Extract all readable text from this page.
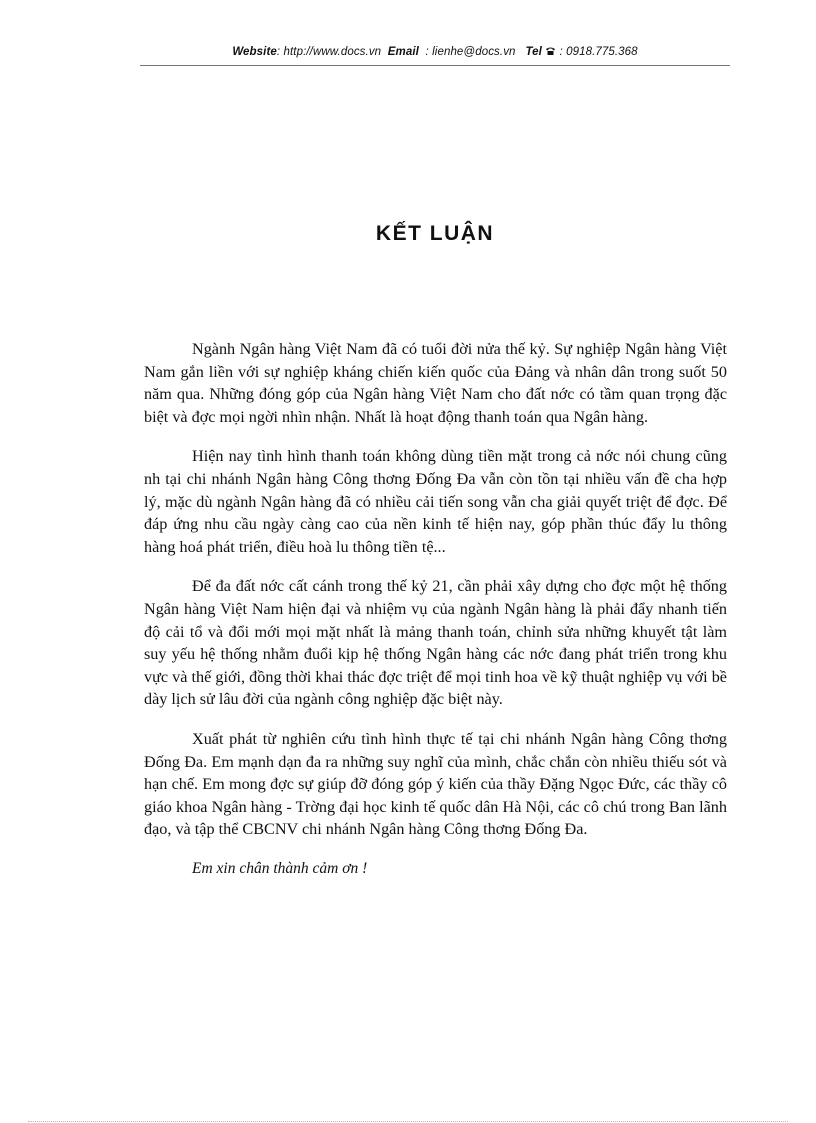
Website: http://www.docs.vn Email : lienhe@docs.vn Tel : 0918.775.368
KẾT LUẬN

Ngành Ngân hàng Việt Nam đã có tuổi đời nửa thế kỷ. Sự nghiệp Ngân hàng Việt Nam gắn liền với sự nghiệp kháng chiến kiến quốc của Đảng và nhân dân trong suốt 50 năm qua. Những đóng góp của Ngân hàng Việt Nam cho đất nớc có tầm quan trọng đặc biệt và đợc mọi ngời nhìn nhận. Nhất là hoạt động thanh toán qua Ngân hàng.

Hiện nay tình hình thanh toán không dùng tiền mặt trong cả nớc nói chung cũng nh tại chi nhánh Ngân hàng Công thơng Đống Đa vẫn còn tồn tại nhiều vấn đề cha hợp lý, mặc dù ngành Ngân hàng đã có nhiều cải tiến song vẫn cha giải quyết triệt để đợc. Để đáp ứng nhu cầu ngày càng cao của nền kinh tế hiện nay, góp phần thúc đẩy lu thông hàng hoá phát triển, điều hoà lu thông tiền tệ...

Để đa đất nớc cất cánh trong thế kỷ 21, cần phải xây dựng cho đợc một hệ thống Ngân hàng Việt Nam hiện đại và nhiệm vụ của ngành Ngân hàng là phải đẩy nhanh tiến độ cải tổ và đổi mới mọi mặt nhất là mảng thanh toán, chỉnh sửa những khuyết tật làm suy yếu hệ thống nhằm đuổi kịp hệ thống Ngân hàng các nớc đang phát triển trong khu vực và thế giới, đồng thời khai thác đợc triệt để mọi tinh hoa về kỹ thuật nghiệp vụ với bề dày lịch sử lâu đời của ngành công nghiệp đặc biệt này.

Xuất phát từ nghiên cứu tình hình thực tế tại chi nhánh Ngân hàng Công thơng Đống Đa. Em mạnh dạn đa ra những suy nghĩ của mình, chắc chắn còn nhiều thiếu sót và hạn chế. Em mong đợc sự giúp đỡ đóng góp ý kiến của thầy Đặng Ngọc Đức, các thầy cô giáo khoa Ngân hàng - Trờng đại học kinh tế quốc dân Hà Nội, các cô chú trong Ban lãnh đạo, và tập thể CBCNV chi nhánh Ngân hàng Công thơng Đống Đa.

Em xin chân thành cảm ơn !
